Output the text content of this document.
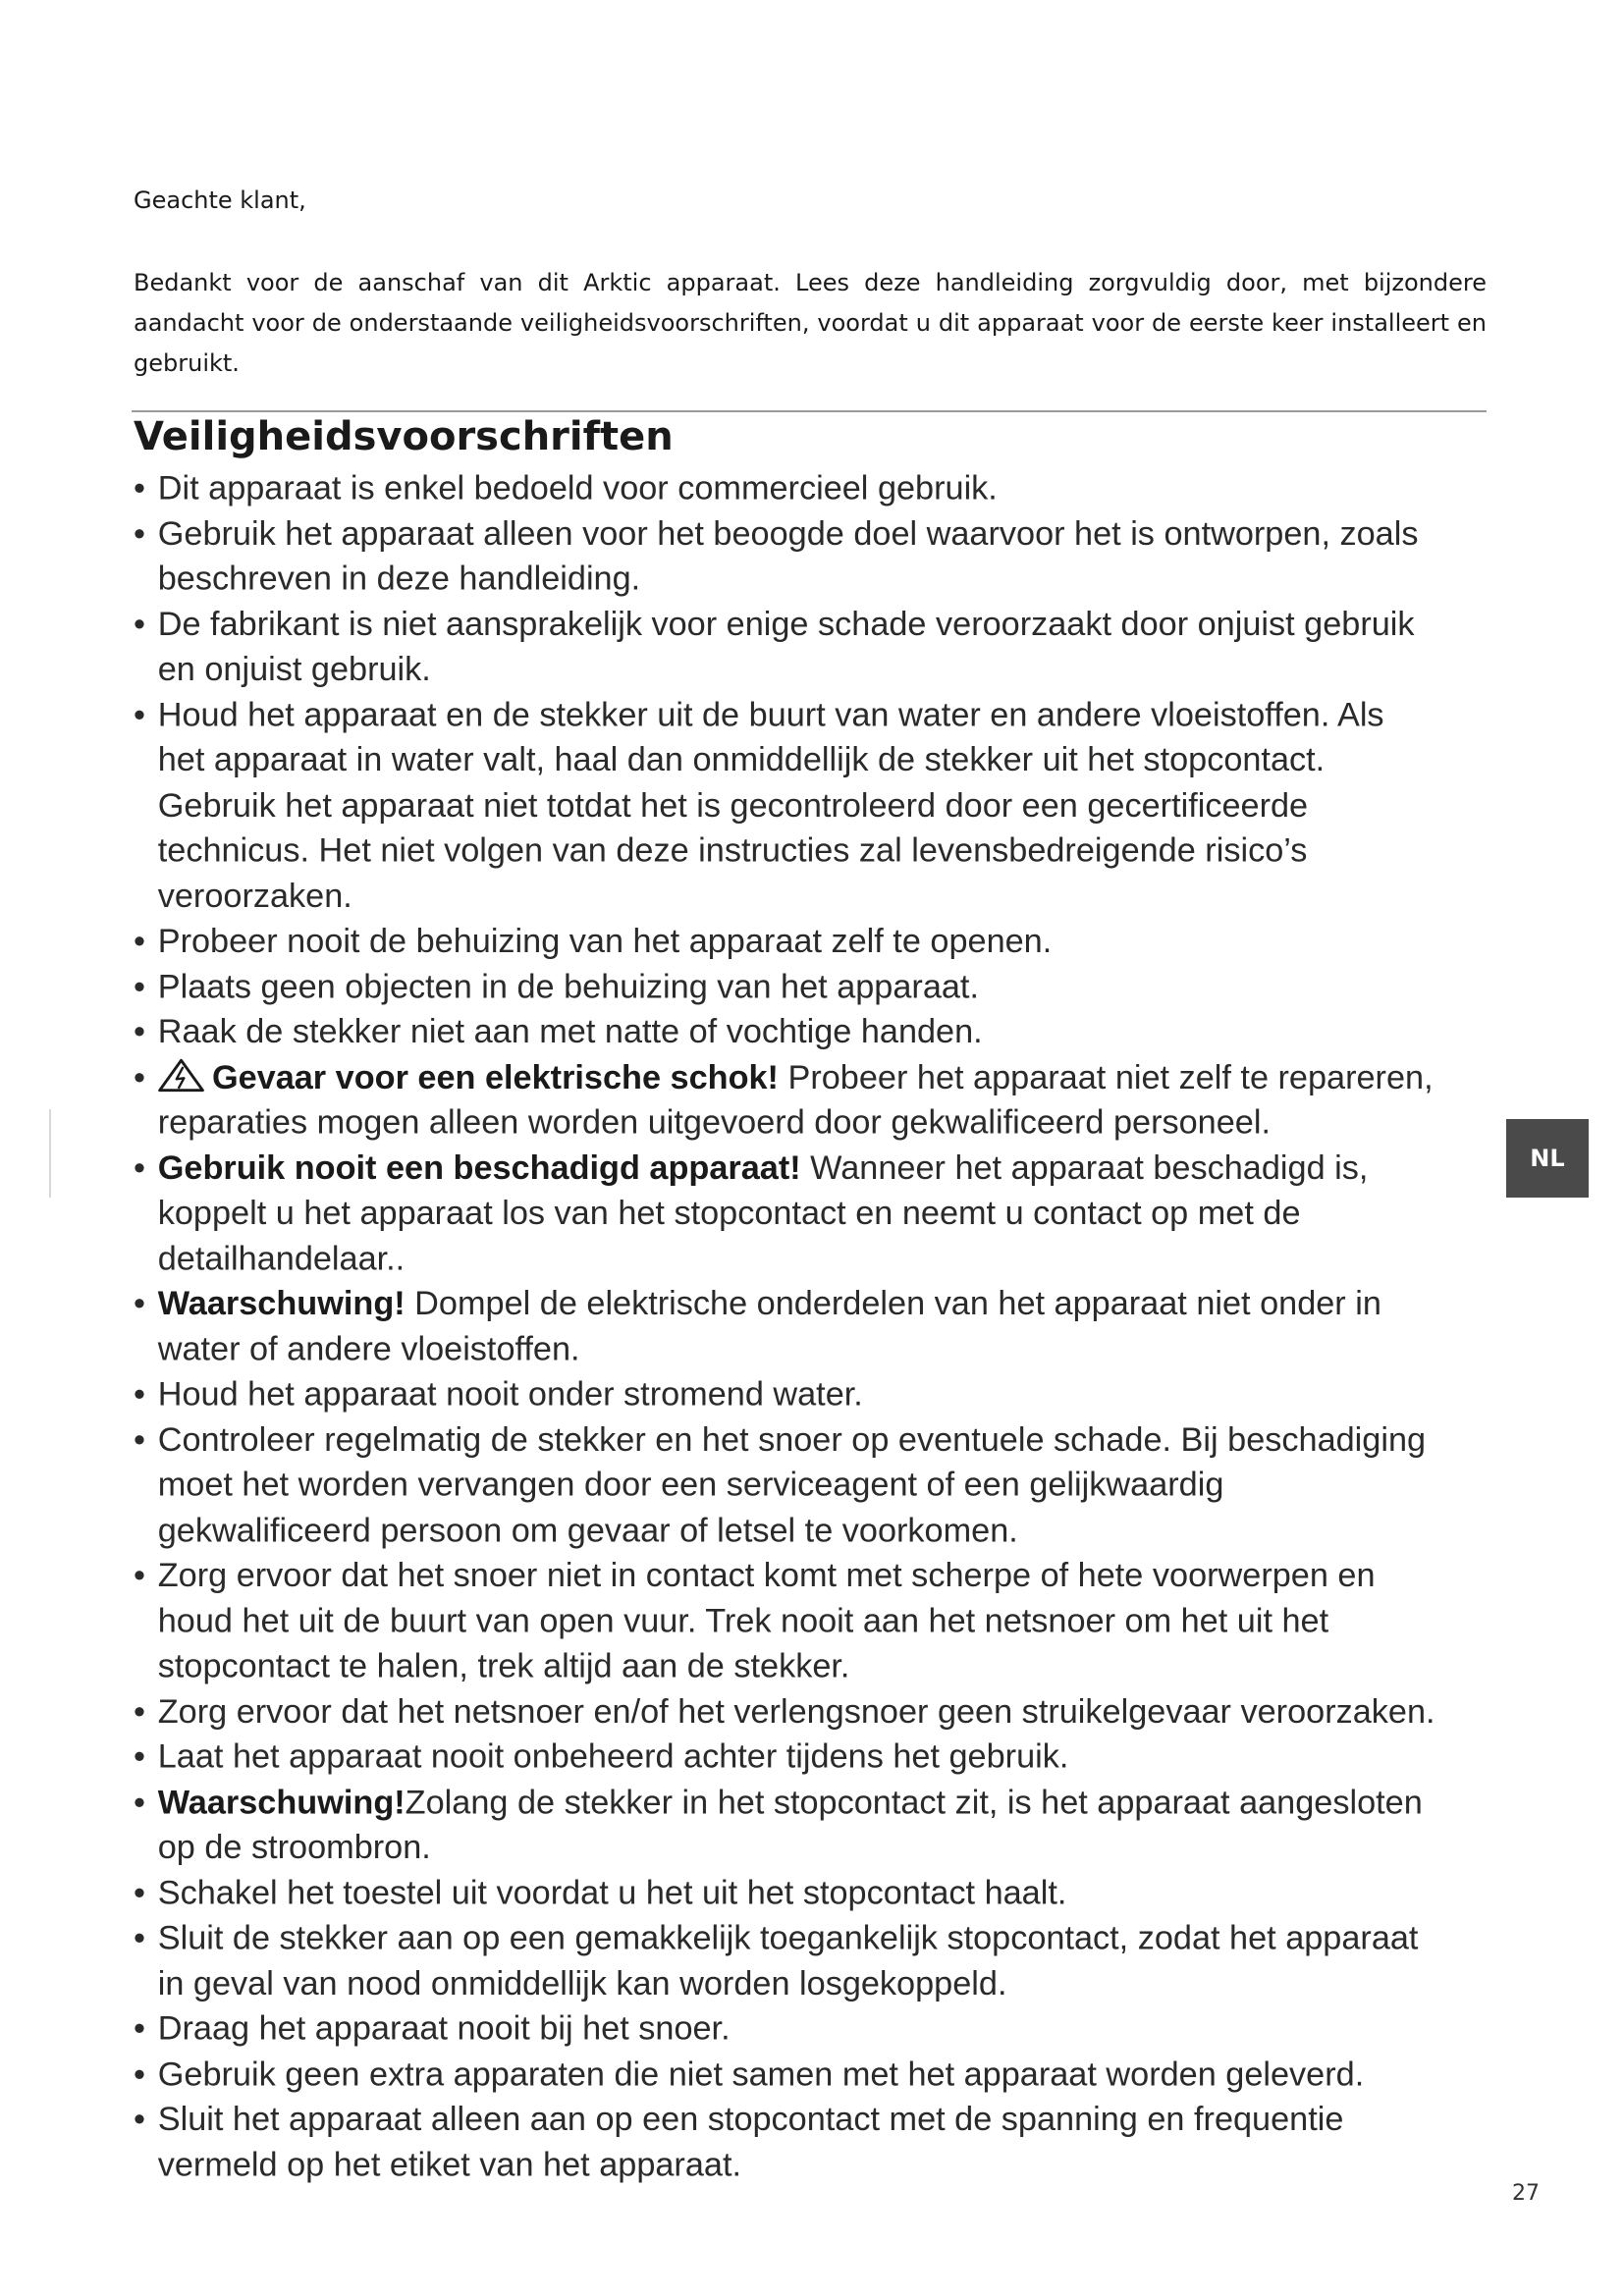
Geachte klant,
Bedankt voor de aanschaf van dit Arktic apparaat. Lees deze handleiding zorgvuldig door, met bijzondere aandacht voor de onderstaande veiligheidsvoorschriften, voordat u dit apparaat voor de eerste keer installeert en gebruikt.
Veiligheidsvoorschriften
• Dit apparaat is enkel bedoeld voor commercieel gebruik.
• Gebruik het apparaat alleen voor het beoogde doel waarvoor het is ontworpen, zoals beschreven in deze handleiding.
• De fabrikant is niet aansprakelijk voor enige schade veroorzaakt door onjuist gebruik en onjuist gebruik.
• Houd het apparaat en de stekker uit de buurt van water en andere vloeistoffen. Als het apparaat in water valt, haal dan onmiddellijk de stekker uit het stopcontact. Gebruik het apparaat niet totdat het is gecontroleerd door een gecertificeerde technicus. Het niet volgen van deze instructies zal levensbedreigende risico’s veroorzaken.
• Probeer nooit de behuizing van het apparaat zelf te openen.
• Plaats geen objecten in de behuizing van het apparaat.
• Raak de stekker niet aan met natte of vochtige handen.
• Gevaar voor een elektrische schok! Probeer het apparaat niet zelf te repareren, reparaties mogen alleen worden uitgevoerd door gekwalificeerd personeel.
• Gebruik nooit een beschadigd apparaat! Wanneer het apparaat beschadigd is, koppelt u het apparaat los van het stopcontact en neemt u contact op met de detailhandelaar..
• Waarschuwing! Dompel de elektrische onderdelen van het apparaat niet onder in water of andere vloeistoffen.
• Houd het apparaat nooit onder stromend water.
• Controleer regelmatig de stekker en het snoer op eventuele schade. Bij beschadiging moet het worden vervangen door een serviceagent of een gelijkwaardig gekwalificeerd persoon om gevaar of letsel te voorkomen.
• Zorg ervoor dat het snoer niet in contact komt met scherpe of hete voorwerpen en houd het uit de buurt van open vuur. Trek nooit aan het netsnoer om het uit het stopcontact te halen, trek altijd aan de stekker.
• Zorg ervoor dat het netsnoer en/of het verlengsnoer geen struikelgevaar veroorzaken.
• Laat het apparaat nooit onbeheerd achter tijdens het gebruik.
• Waarschuwing!Zolang de stekker in het stopcontact zit, is het apparaat aangesloten op de stroombron.
• Schakel het toestel uit voordat u het uit het stopcontact haalt.
• Sluit de stekker aan op een gemakkelijk toegankelijk stopcontact, zodat het apparaat in geval van nood onmiddellijk kan worden losgekoppeld.
• Draag het apparaat nooit bij het snoer.
• Gebruik geen extra apparaten die niet samen met het apparaat worden geleverd.
• Sluit het apparaat alleen aan op een stopcontact met de spanning en frequentie vermeld op het etiket van het apparaat.
NL
27
